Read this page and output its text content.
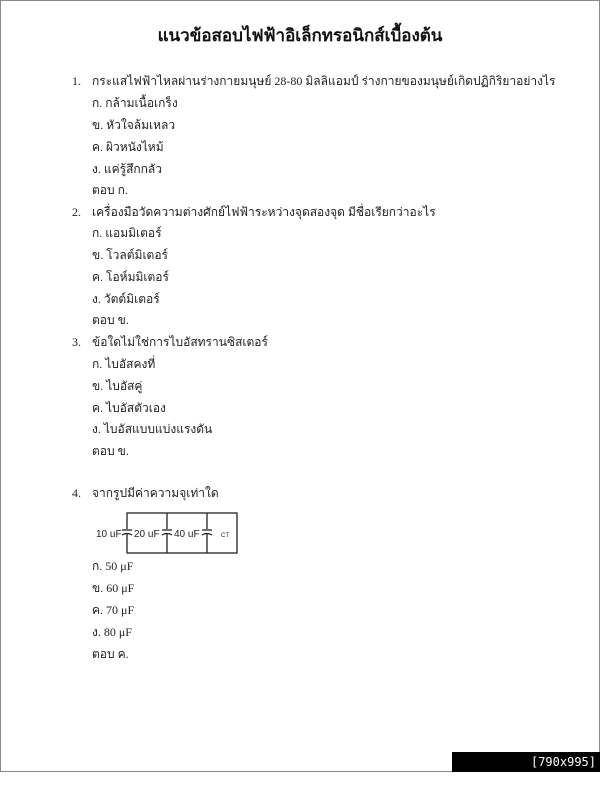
แนวข้อสอบไฟฟ้าอิเล็กทรอนิกส์เบื้องต้น
1. กระแสไฟฟ้าไหลผ่านร่างกายมนุษย์ 28-80 มิลลิแอมป์ ร่างกายของมนุษย์เกิดปฏิกิริยาอย่างไร
ก. กล้ามเนื้อเกร็ง
ข. หัวใจล้มเหลว
ค. ผิวหนังไหม้
ง. แค่รู้สึกกลัว
ตอบ ก.
2. เครื่องมือวัดความต่างศักย์ไฟฟ้าระหว่างจุดสองจุด มีชื่อเรียกว่าอะไร
ก. แอมมิเตอร์
ข. โวลต์มิเตอร์
ค. โอห์มมิเตอร์
ง. วัตต์มิเตอร์
ตอบ ข.
3. ข้อใดไม่ใช่การไบอัสทรานซิสเตอร์
ก. ไบอัสคงที่
ข. ไบอัสคู่
ค. ไบอัสตัวเอง
ง. ไบอัสแบบแบ่งแรงดัน
ตอบ ข.
4. จากรูปมีค่าความจุเท่าใด
10 uF 20 uF 40 uF	CT
ก. 50 μF
ข. 60 μF
ค. 70 μF
ง. 80 μF
ตอบ ค.
[790x995] http://upic.me/
